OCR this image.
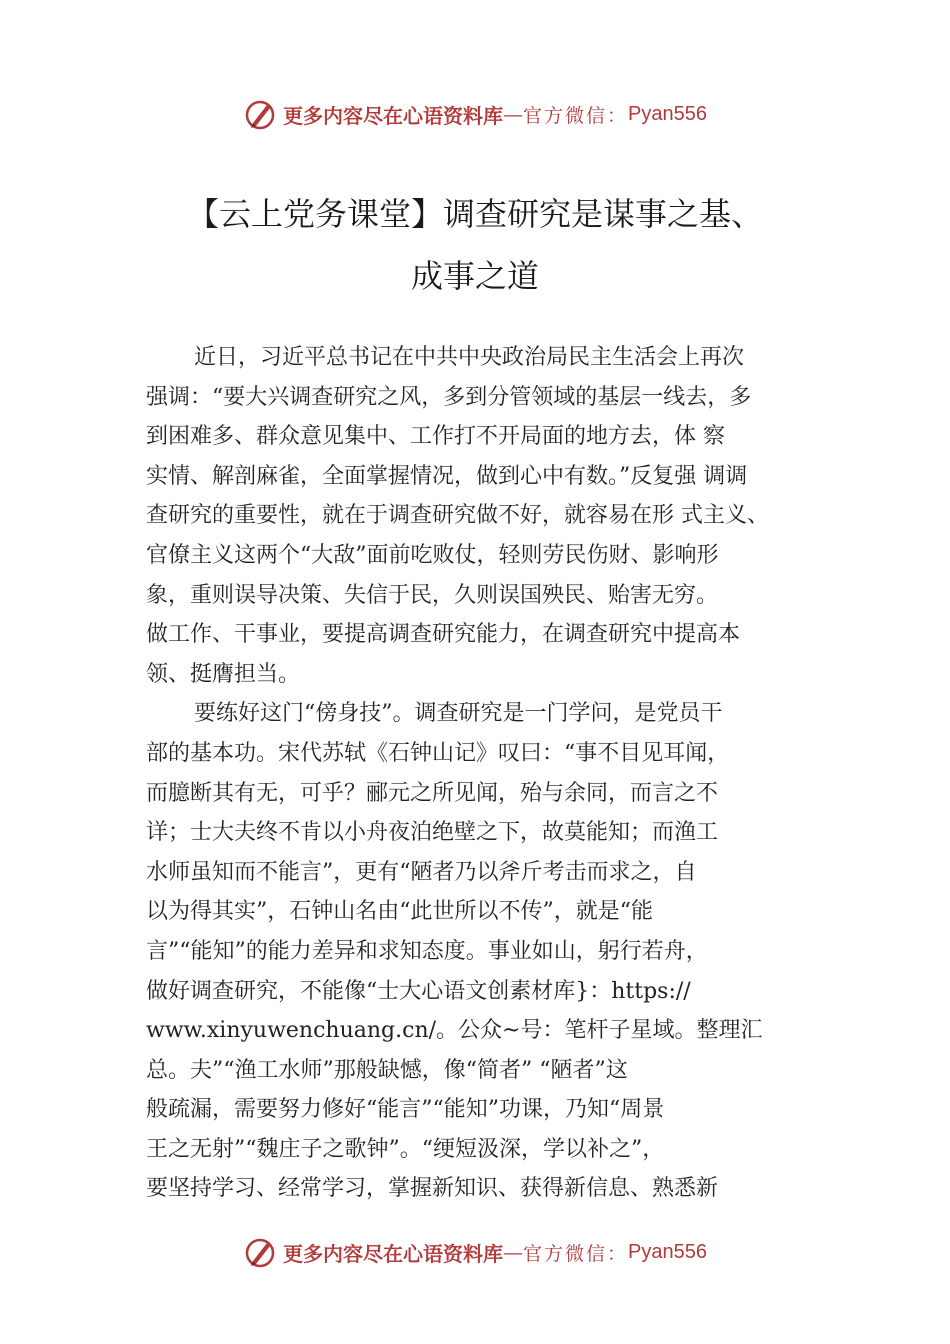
更多内容尽在心语资料库 — 官方微信： Pyan556
【云上党务课堂】调查研究是谋事之基、
成事之道
近日，习近平总书记在中共中央政治局民主生活会上再次
强调：“要大兴调查研究之风，多到分管领域的基层一线去，多
到困难多、群众意见集中、工作打不开局面的地方去，体 察
实情、解剖麻雀，全面掌握情况，做到心中有数。”反复强 调调
查研究的重要性，就在于调查研究做不好，就容易在形 式主义、
官僚主义这两个“大敌”面前吃败仗，轻则劳民伤财、影响形
象，重则误导决策、失信于民，久则误国殃民、贻害无穷。
做工作、干事业，要提高调查研究能力，在调查研究中提高本
领、挺膺担当。
要练好这门“傍身技”。调查研究是一门学问，是党员干
部的基本功。宋代苏轼《石钟山记》叹曰：“事不目见耳闻，
而臆断其有无，可乎？郦元之所见闻，殆与余同，而言之不
详；士大夫终不肯以小舟夜泊绝壁之下，故莫能知；而渔工
水师虽知而不能言”，更有“陋者乃以斧斤考击而求之，自
以为得其实”，石钟山名由“此世所以不传”，就是“能
言”“能知”的能力差异和求知态度。事业如山，躬行若舟，
做好调查研究，不能像“士大心语文创素材库}：https://
www.xinyuwenchuang.cn/。公众~号：笔杆子星域。整理汇
总。夫”“渔工水师”那般缺憾，像“简者” “陋者”这
般疏漏，需要努力修好“能言”“能知”功课，乃知“周景
王之无射”“魏庄子之歌钟”。“绠短汲深，学以补之”，
要坚持学习、经常学习，掌握新知识、获得新信息、熟悉新
更多内容尽在心语资料库 — 官方微信： Pyan556
